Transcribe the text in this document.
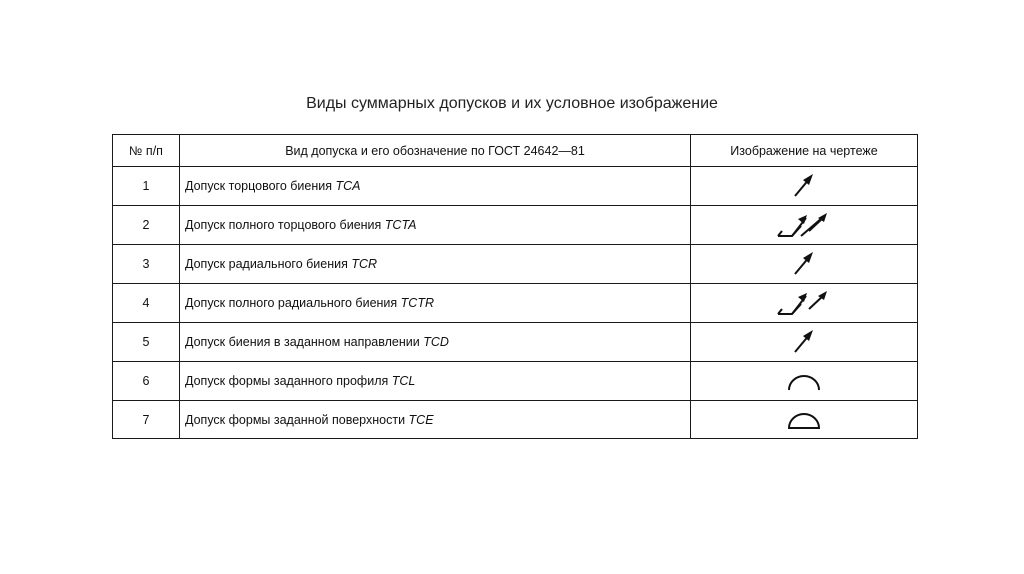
Виды суммарных допусков и их условное изображение
№ п/п	Вид допуска и его обозначение по ГОСТ 24642—81	Изображение на чертеже
1	Допуск торцового биения TCA	

2	Допуск полного торцового биения TCTA	

3	Допуск радиального биения TCR	

4	Допуск полного радиального биения TCTR	

5	Допуск биения в заданном направлении TCD	

6	Допуск формы заданного профиля TCL	

7	Допуск формы заданной поверхности TCE	
